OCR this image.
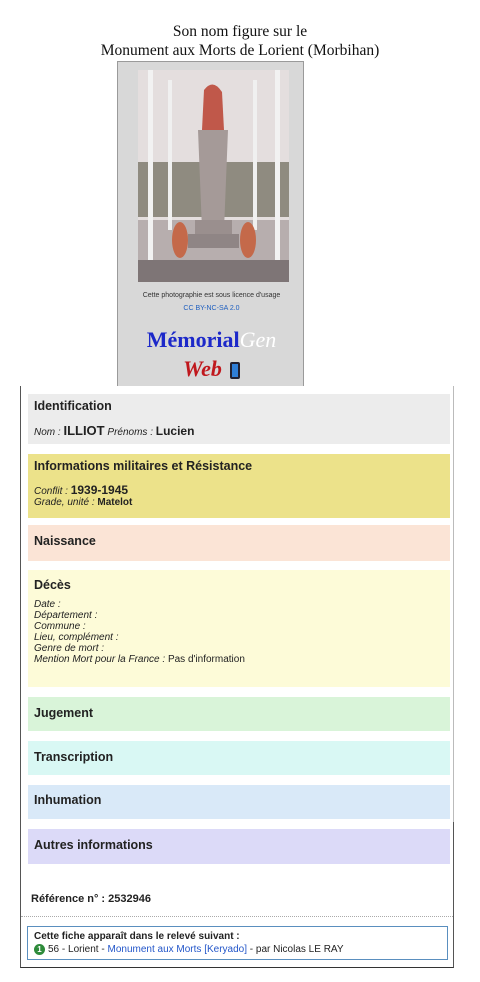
Son nom figure sur le
Monument aux Morts de Lorient (Morbihan)
Cette photographie est sous licence d'usage
CC BY-NC-SA 2.0
MémorialGen
Web
Identification
Nom : ILLIOT Prénoms : Lucien
Informations militaires et Résistance
Conflit : 1939-1945
Grade, unité : Matelot
Naissance
Décès
Date :
Département :
Commune :
Lieu, complément :
Genre de mort :
Mention Mort pour la France : Pas d'information
Jugement
Transcription
Inhumation
Autres informations
Référence n° : 2532946
Cette fiche apparaît dans le relevé suivant :
1 56 - Lorient - Monument aux Morts [Keryado] - par Nicolas LE RAY
